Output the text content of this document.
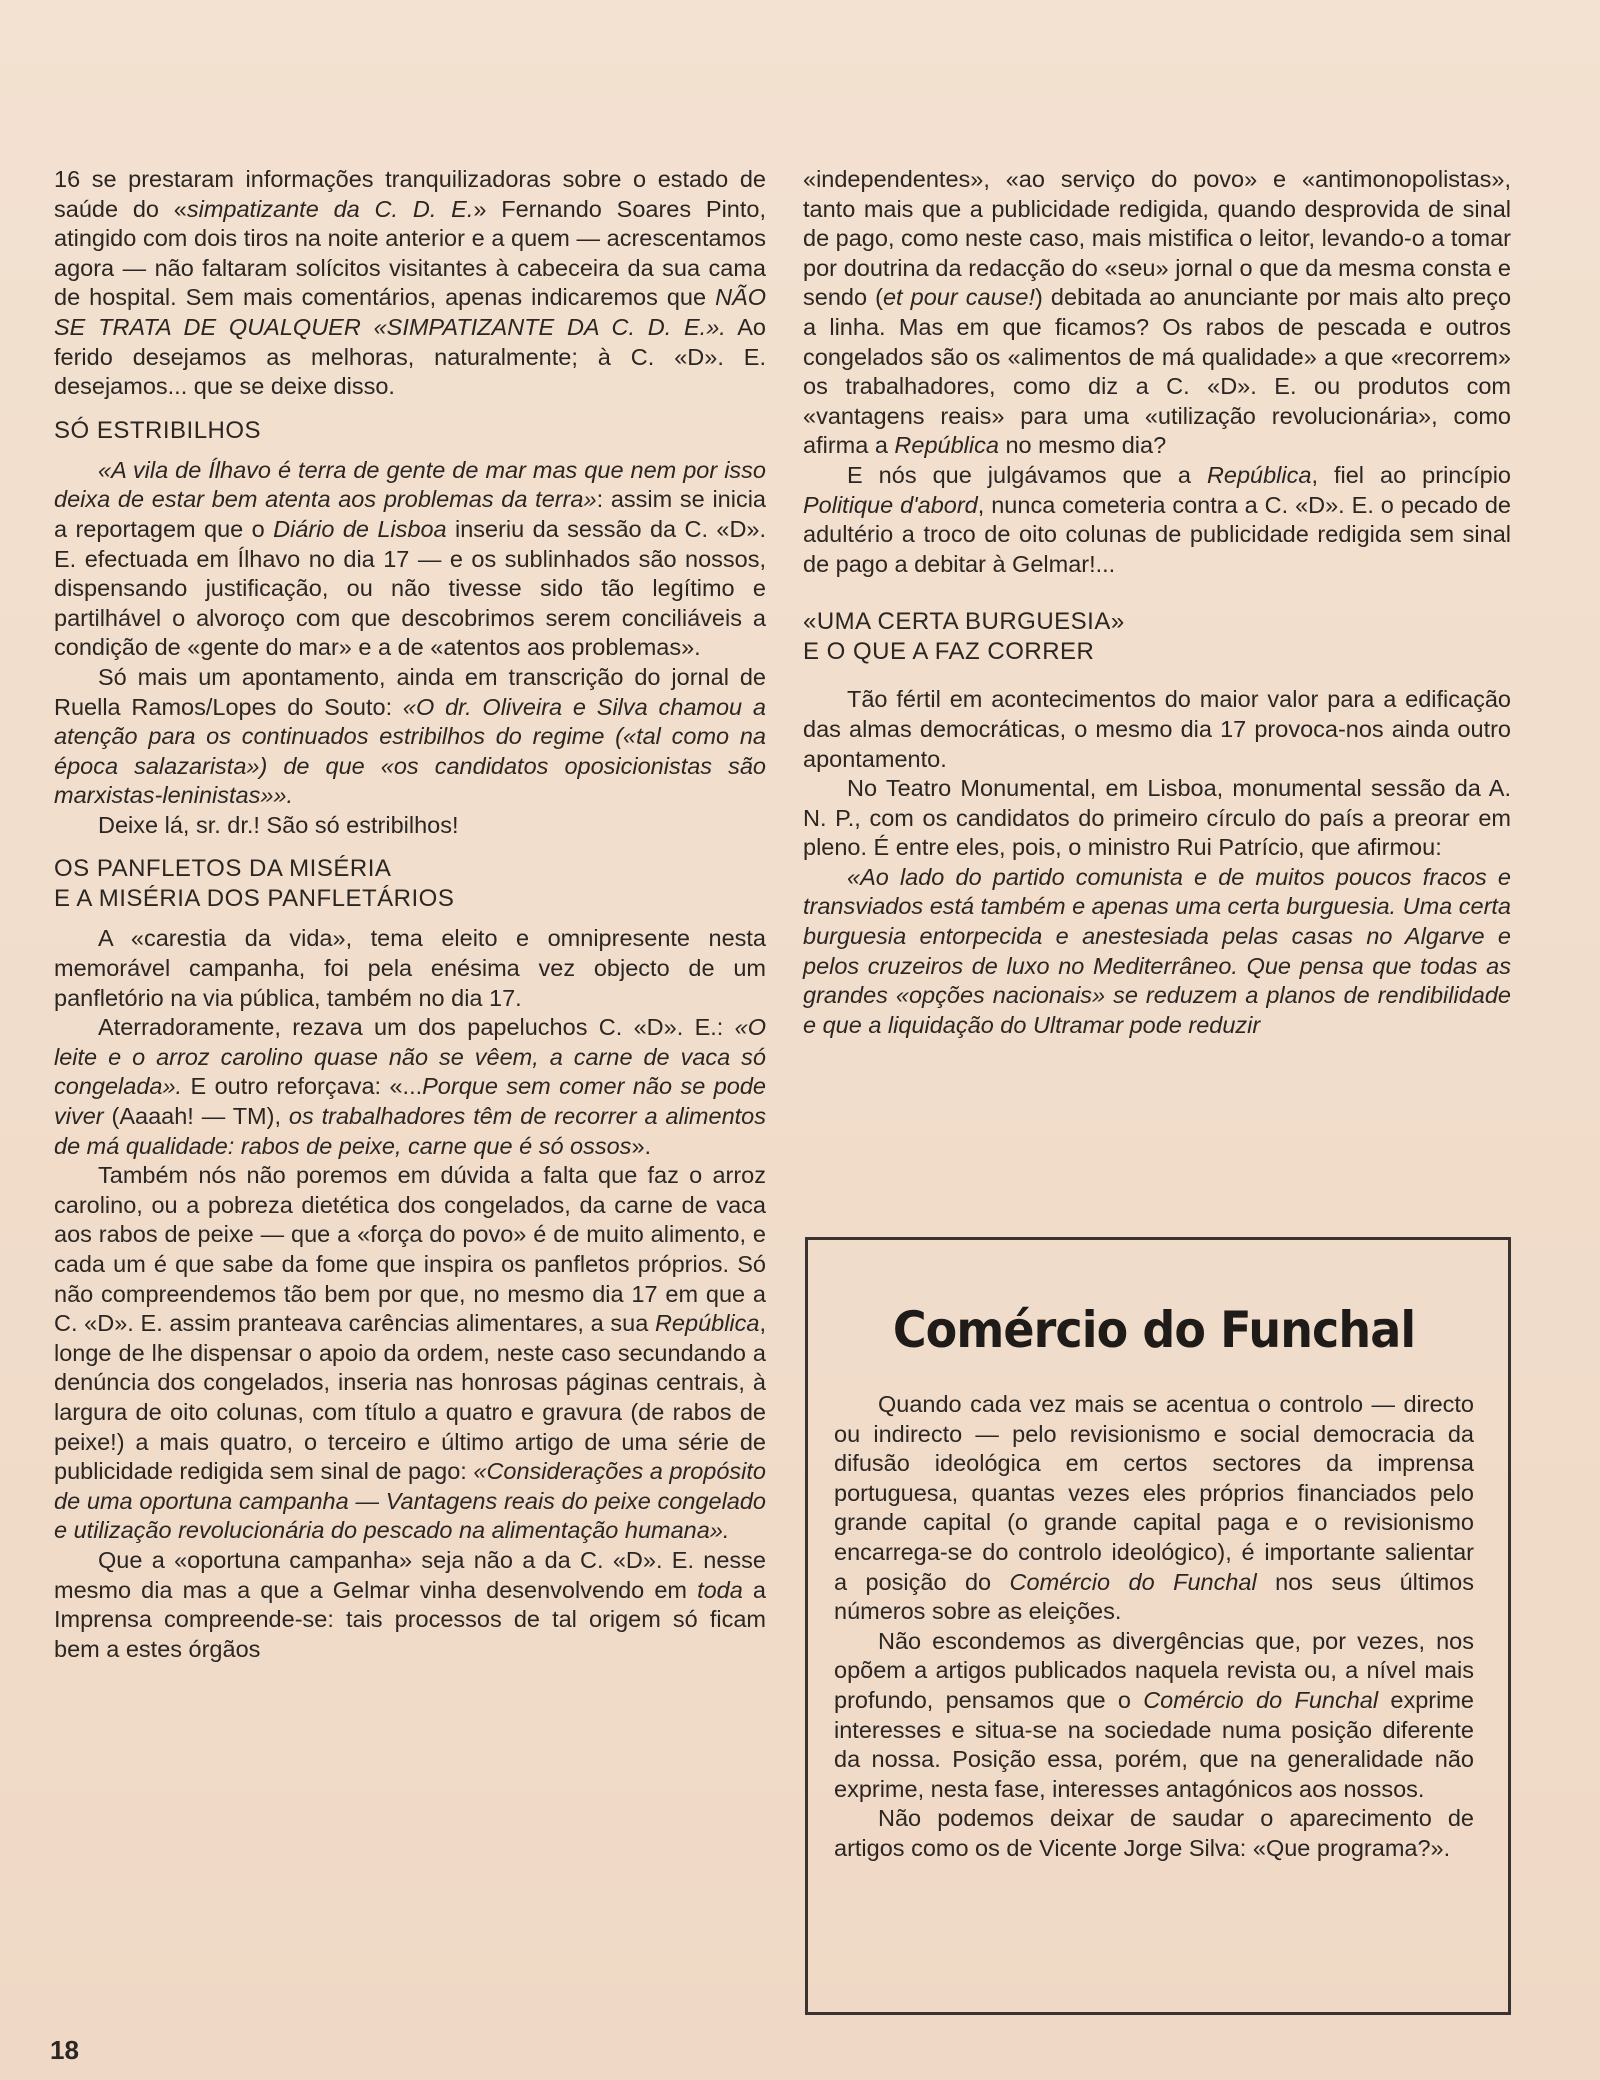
16 se prestaram informações tranquilizadoras sobre o estado de saúde do «simpatizante da C. D. E.» Fernando Soares Pinto, atingido com dois tiros na noite anterior e a quem — acrescentamos agora — não faltaram solícitos visitantes à cabeceira da sua cama de hospital. Sem mais comentários, apenas indicaremos que NÃO SE TRATA DE QUALQUER «SIMPATIZANTE DA C. D. E.». Ao ferido desejamos as melhoras, naturalmente; à C. «D». E. desejamos... que se deixe disso.

SÓ ESTRIBILHOS

«A vila de Ílhavo é terra de gente de mar mas que nem por isso deixa de estar bem atenta aos problemas da terra»: assim se inicia a reportagem que o Diário de Lisboa inseriu da sessão da C. «D». E. efectuada em Ílhavo no dia 17 — e os sublinhados são nossos, dispensando justificação, ou não tivesse sido tão legítimo e partilhável o alvoroço com que descobrimos serem conciliáveis a condição de «gente do mar» e a de «atentos aos problemas».

Só mais um apontamento, ainda em transcrição do jornal de Ruella Ramos/Lopes do Souto: «O dr. Oliveira e Silva chamou a atenção para os continuados estribilhos do regime («tal como na época salazarista») de que «os candidatos oposicionistas são marxistas-leninistas»».

Deixe lá, sr. dr.! São só estribilhos!

OS PANFLETOS DA MISÉRIA
E A MISÉRIA DOS PANFLETÁRIOS

A «carestia da vida», tema eleito e omnipresente nesta memorável campanha, foi pela enésima vez objecto de um panfletório na via pública, também no dia 17.

Aterradoramente, rezava um dos papeluchos C. «D». E.: «O leite e o arroz carolino quase não se vêem, a carne de vaca só congelada». E outro reforçava: «...Porque sem comer não se pode viver (Aaaah! — TM), os trabalhadores têm de recorrer a alimentos de má qualidade: rabos de peixe, carne que é só ossos».

Também nós não poremos em dúvida a falta que faz o arroz carolino, ou a pobreza dietética dos congelados, da carne de vaca aos rabos de peixe — que a «força do povo» é de muito alimento, e cada um é que sabe da fome que inspira os panfletos próprios. Só não compreendemos tão bem por que, no mesmo dia 17 em que a C. «D». E. assim pranteava carências alimentares, a sua República, longe de lhe dispensar o apoio da ordem, neste caso secundando a denúncia dos congelados, inseria nas honrosas páginas centrais, à largura de oito colunas, com título a quatro e gravura (de rabos de peixe!) a mais quatro, o terceiro e último artigo de uma série de publicidade redigida sem sinal de pago: «Considerações a propósito de uma oportuna campanha — Vantagens reais do peixe congelado e utilização revolucionária do pescado na alimentação humana».

Que a «oportuna campanha» seja não a da C. «D». E. nesse mesmo dia mas a que a Gelmar vinha desenvolvendo em toda a Imprensa compreende-se: tais processos de tal origem só ficam bem a estes órgãos

«independentes», «ao serviço do povo» e «antimonopolistas», tanto mais que a publicidade redigida, quando desprovida de sinal de pago, como neste caso, mais mistifica o leitor, levando-o a tomar por doutrina da redacção do «seu» jornal o que da mesma consta e sendo (et pour cause!) debitada ao anunciante por mais alto preço a linha. Mas em que ficamos? Os rabos de pescada e outros congelados são os «alimentos de má qualidade» a que «recorrem» os trabalhadores, como diz a C. «D». E. ou produtos com «vantagens reais» para uma «utilização revolucionária», como afirma a República no mesmo dia?

E nós que julgávamos que a República, fiel ao princípio Politique d'abord, nunca cometeria contra a C. «D». E. o pecado de adultério a troco de oito colunas de publicidade redigida sem sinal de pago a debitar à Gelmar!...

«UMA CERTA BURGUESIA»
E O QUE A FAZ CORRER

Tão fértil em acontecimentos do maior valor para a edificação das almas democráticas, o mesmo dia 17 provoca-nos ainda outro apontamento.

No Teatro Monumental, em Lisboa, monumental sessão da A. N. P., com os candidatos do primeiro círculo do país a preorar em pleno. É entre eles, pois, o ministro Rui Patrício, que afirmou:

«Ao lado do partido comunista e de muitos poucos fracos e transviados está também e apenas uma certa burguesia. Uma certa burguesia entorpecida e anestesiada pelas casas no Algarve e pelos cruzeiros de luxo no Mediterrâneo. Que pensa que todas as grandes «opções nacionais» se reduzem a planos de rendibilidade e que a liquidação do Ultramar pode reduzir

Comércio do Funchal

Quando cada vez mais se acentua o controlo — directo ou indirecto — pelo revisionismo e social democracia da difusão ideológica em certos sectores da imprensa portuguesa, quantas vezes eles próprios financiados pelo grande capital (o grande capital paga e o revisionismo encarrega-se do controlo ideológico), é importante salientar a posição do Comércio do Funchal nos seus últimos números sobre as eleições.

Não escondemos as divergências que, por vezes, nos opõem a artigos publicados naquela revista ou, a nível mais profundo, pensamos que o Comércio do Funchal exprime interesses e situa-se na sociedade numa posição diferente da nossa. Posição essa, porém, que na generalidade não exprime, nesta fase, interesses antagónicos aos nossos.

Não podemos deixar de saudar o aparecimento de artigos como os de Vicente Jorge Silva: «Que programa?».

18
